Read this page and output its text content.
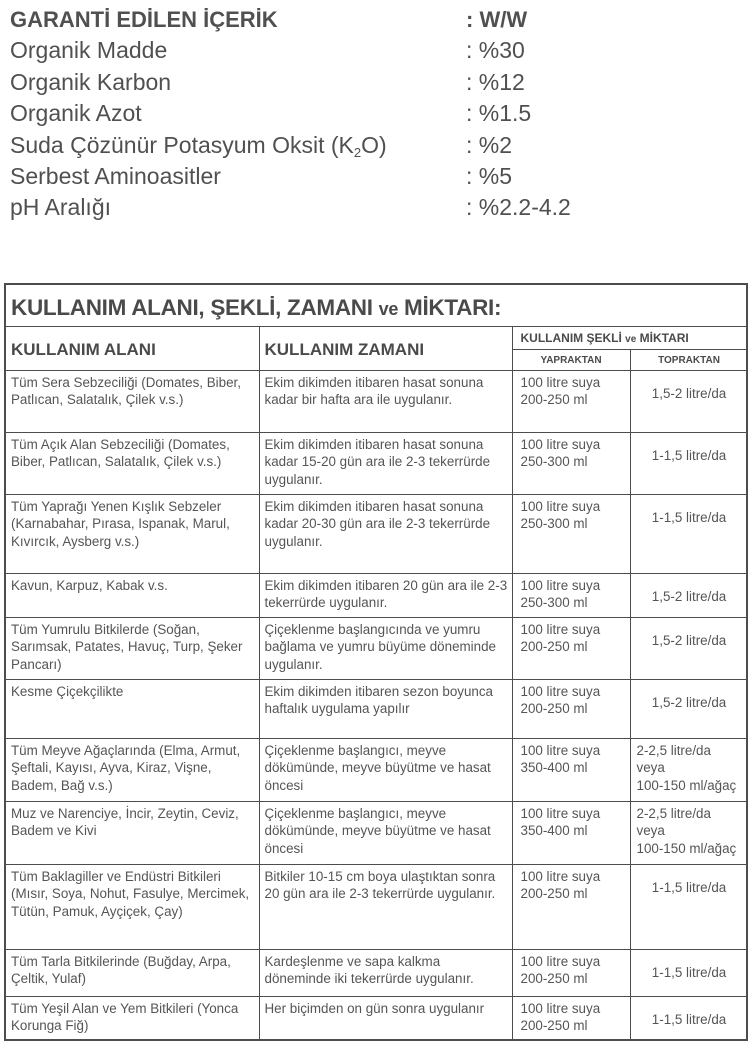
GARANTİ EDİLEN İÇERİK	: W/W
Organik Madde	: %30
Organik Karbon	: %12
Organik Azot	: %1.5
Suda Çözünür Potasyum Oksit $(K_2O)$	: %2
Serbest Aminoasitler	: %5
pH Aralığı	: %2.2-4.2
KULLANIM ALANI, ŞEKLİ, ZAMANI ve MİKTARI:
KULLANIM ALANI	KULLANIM ZAMANI	KULLANIM ŞEKLİ ve MİKTARI	
		YAPRAKTAN	TOPRAKTAN
Tüm Sera Sebzeciliği (Domates, Biber, Patlıcan, Salatalık, Çilek v.s.)	Ekim dikimden itibaren hasat sonuna kadar bir hafta ara ile uygulanır.	100 litre suya 200-250 ml	1,5-2 litre/da
Tüm Açık Alan Sebzeciliği (Domates, Biber, Patlıcan, Salatalık, Çilek v.s.)	Ekim dikimden itibaren hasat sonuna kadar 15-20 gün ara ile 2-3 tekerrürde uygulanır.	100 litre suya 250-300 ml	1-1,5 litre/da
Tüm Yaprağı Yenen Kışlık Sebzeler (Karnabahar, Pırasa, Ispanak, Marul, Kıvırcık, Aysberg v.s.)	Ekim dikimden itibaren hasat sonuna kadar 20-30 gün ara ile 2-3 tekerrürde uygulanır.	100 litre suya 250-300 ml	1-1,5 litre/da
Kavun, Karpuz, Kabak v.s.	Ekim dikimden itibaren 20 gün ara ile 2-3 tekerrürde uygulanır.	100 litre suya 250-300 ml	1,5-2 litre/da
Tüm Yumrulu Bitkilerde (Soğan, Sarımsak, Patates, Havuç, Turp, Şeker Pancarı)	Çiçeklenme başlangıcında ve yumru bağlama ve yumru büyüme döneminde uygulanır.	100 litre suya 200-250 ml	1,5-2 litre/da
Kesme Çiçekçilikte	Ekim dikimden itibaren sezon boyunca haftalık uygulama yapılır	100 litre suya 200-250 ml	1,5-2 litre/da
Tüm Meyve Ağaçlarında (Elma, Armut, Şeftali, Kayısı, Ayva, Kiraz, Vişne, Badem, Bağ v.s.)	Çiçeklenme başlangıcı, meyve dökümünde, meyve büyütme ve hasat öncesi	100 litre suya 350-400 ml	2-2,5 litre/da
veya
100-150 ml/ağaç

Muz ve Narenciye, İncir, Zeytin, Ceviz, Badem ve Kivi	Çiçeklenme başlangıcı, meyve dökümünde, meyve büyütme ve hasat öncesi	100 litre suya 350-400 ml	2-2,5 litre/da
veya
100-150 ml/ağaç

Tüm Baklagiller ve Endüstri Bitkileri (Mısır, Soya, Nohut, Fasulye, Mercimek, Tütün, Pamuk, Ayçiçek, Çay)	Bitkiler 10-15 cm boya ulaştıktan sonra 20 gün ara ile 2-3 tekerrürde uygulanır.	100 litre suya 200-250 ml	1-1,5 litre/da
Tüm Tarla Bitkilerinde (Buğday, Arpa, Çeltik, Yulaf)	Kardeşlenme ve sapa kalkma döneminde iki tekerrürde uygulanır.	100 litre suya 200-250 ml	1-1,5 litre/da
Tüm Yeşil Alan ve Yem Bitkileri (Yonca Korunga Fiğ)	Her biçimden on gün sonra uygulanır	100 litre suya 200-250 ml	1-1,5 litre/da
